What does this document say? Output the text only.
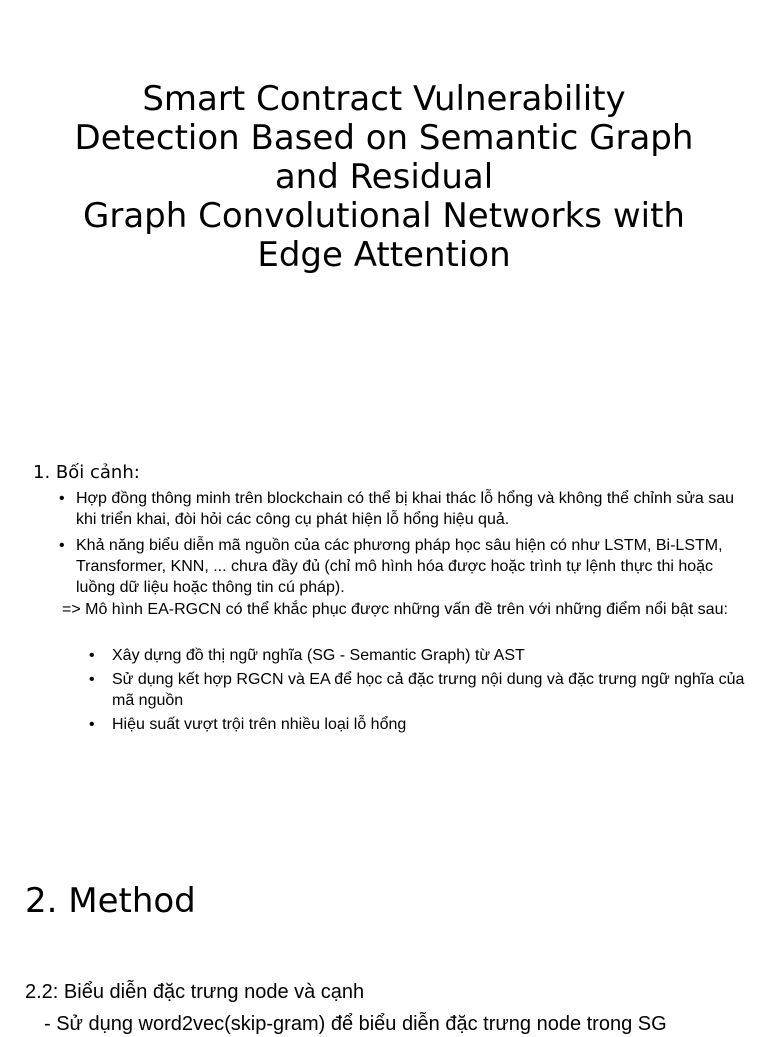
Smart Contract Vulnerability
Detection Based on Semantic Graph
and Residual
Graph Convolutional Networks with
Edge Attention

1. Bối cảnh:

• Hợp đồng thông minh trên blockchain có thể bị khai thác lỗ hổng và không thể chỉnh sửa sau khi triển khai, đòi hỏi các công cụ phát hiện lỗ hổng hiệu quả.
• Khả năng biểu diễn mã nguồn của các phương pháp học sâu hiện có như LSTM, Bi-LSTM, Transformer, KNN, ... chưa đầy đủ (chỉ mô hình hóa được hoặc trình tự lệnh thực thi hoặc luồng dữ liệu hoặc thông tin cú pháp).

=> Mô hình EA-RGCN có thể khắc phục được những vấn đề trên với những điểm nổi bật sau:

• Xây dựng đồ thị ngữ nghĩa (SG - Semantic Graph) từ AST
• Sử dụng kết hợp RGCN và EA để học cả đặc trưng nội dung và đặc trưng ngữ nghĩa của mã nguồn
• Hiệu suất vượt trội trên nhiều loại lỗ hổng
2. Method

2.2: Biểu diễn đặc trưng node và cạnh

- Sử dụng word2vec(skip-gram) để biểu diễn đặc trưng node trong SG
